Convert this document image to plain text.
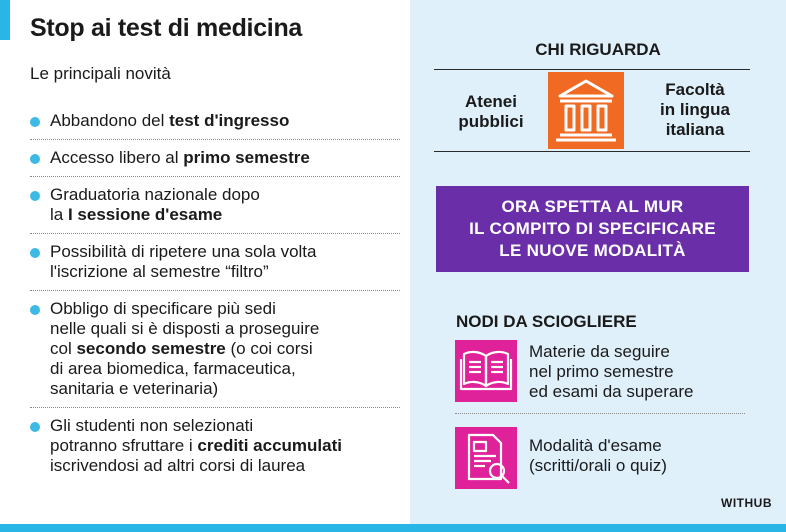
Stop ai test di medicina
Le principali novità
Abbandono del test d'ingresso
Accesso libero al primo semestre
Graduatoria nazionale dopo
la I sessione d'esame
Possibilità di ripetere una sola volta
l'iscrizione al semestre “filtro”
Obbligo di specificare più sedi
nelle quali si è disposti a proseguire
col secondo semestre (o coi corsi
di area biomedica, farmaceutica,
sanitaria e veterinaria)
Gli studenti non selezionati
potranno sfruttare i crediti accumulati
iscrivendosi ad altri corsi di laurea
CHI RIGUARDA
Atenei
pubblici
Facoltà
in lingua
italiana
ORA SPETTA AL MUR
IL COMPITO DI SPECIFICARE
LE NUOVE MODALITÀ
NODI DA SCIOGLIERE
Materie da seguire
nel primo semestre
ed esami da superare
Modalità d'esame
(scritti/orali o quiz)
WITHUB
